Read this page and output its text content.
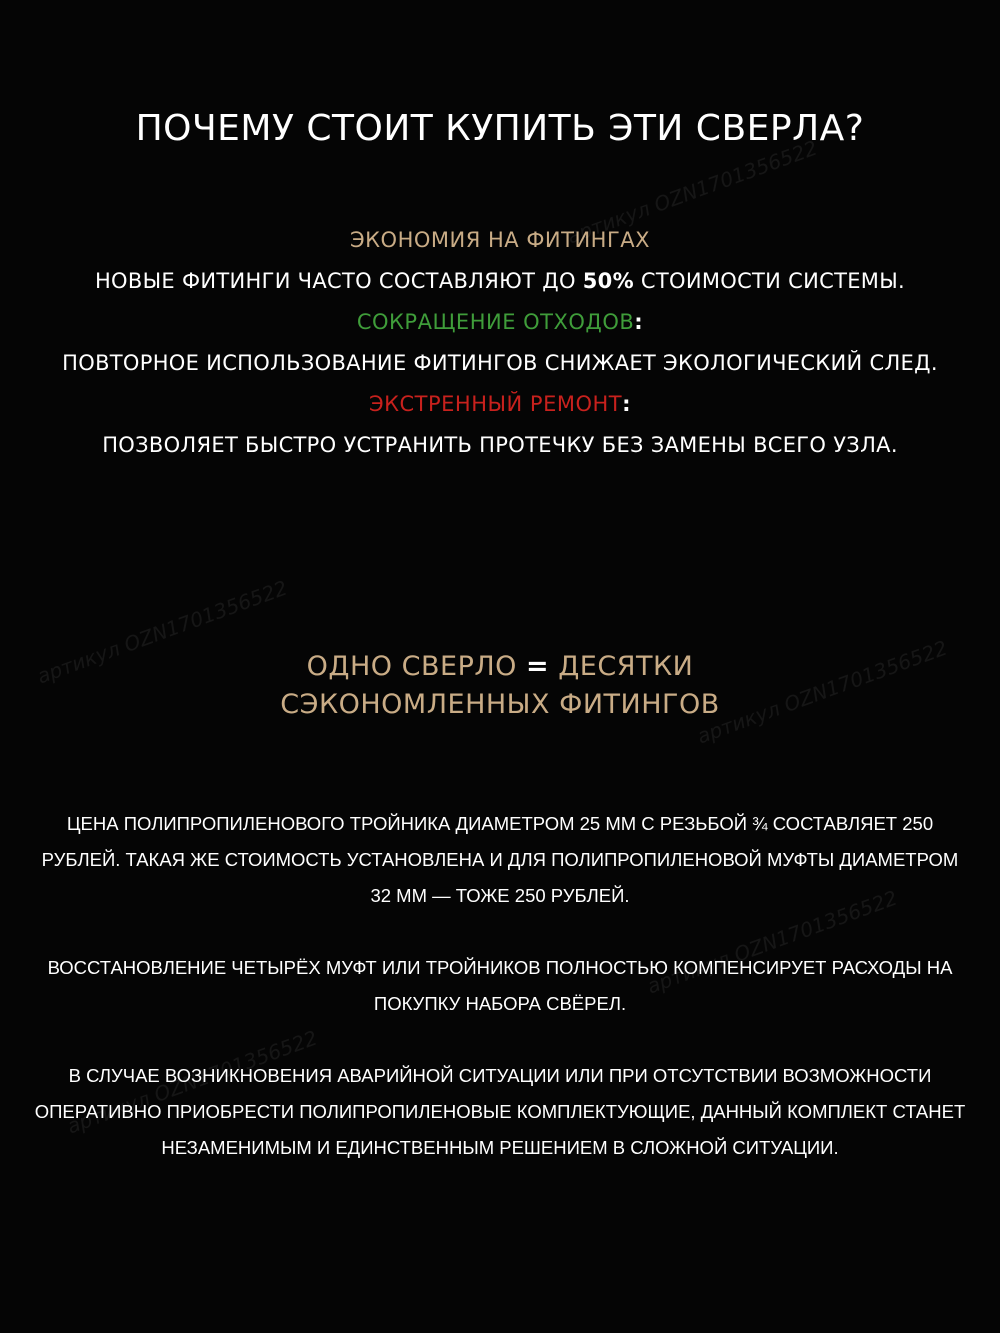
ПОЧЕМУ СТОИТ КУПИТЬ ЭТИ СВЕРЛА?
ЭКОНОМИЯ НА ФИТИНГАХ
НОВЫЕ ФИТИНГИ ЧАСТО СОСТАВЛЯЮТ ДО 50% СТОИМОСТИ СИСТЕМЫ.
СОКРАЩЕНИЕ ОТХОДОВ:
ПОВТОРНОЕ ИСПОЛЬЗОВАНИЕ ФИТИНГОВ СНИЖАЕТ ЭКОЛОГИЧЕСКИЙ СЛЕД.
ЭКСТРЕННЫЙ РЕМОНТ:
ПОЗВОЛЯЕТ БЫСТРО УСТРАНИТЬ ПРОТЕЧКУ БЕЗ ЗАМЕНЫ ВСЕГО УЗЛА.
ОДНО СВЕРЛО = ДЕСЯТКИ
СЭКОНОМЛЕННЫХ ФИТИНГОВ

ЦЕНА ПОЛИПРОПИЛЕНОВОГО ТРОЙНИКА ДИАМЕТРОМ 25 ММ С РЕЗЬБОЙ ¾ СОСТАВЛЯЕТ 250 РУБЛЕЙ. ТАКАЯ ЖЕ СТОИМОСТЬ УСТАНОВЛЕНА И ДЛЯ ПОЛИПРОПИЛЕНОВОЙ МУФТЫ ДИАМЕТРОМ 32 ММ — ТОЖЕ 250 РУБЛЕЙ.

ВОССТАНОВЛЕНИЕ ЧЕТЫРЁХ МУФТ ИЛИ ТРОЙНИКОВ ПОЛНОСТЬЮ КОМПЕНСИРУЕТ РАСХОДЫ НА ПОКУПКУ НАБОРА СВЁРЕЛ.

В СЛУЧАЕ ВОЗНИКНОВЕНИЯ АВАРИЙНОЙ СИТУАЦИИ ИЛИ ПРИ ОТСУТСТВИИ ВОЗМОЖНОСТИ ОПЕРАТИВНО ПРИОБРЕСТИ ПОЛИПРОПИЛЕНОВЫЕ КОМПЛЕКТУЮЩИЕ, ДАННЫЙ КОМПЛЕКТ СТАНЕТ НЕЗАМЕНИМЫМ И ЕДИНСТВЕННЫМ РЕШЕНИЕМ В СЛОЖНОЙ СИТУАЦИИ.

артикул OZN1701356522
артикул OZN1701356522
артикул OZN1701356522
артикул OZN1701356522
артикул OZN1701356522
